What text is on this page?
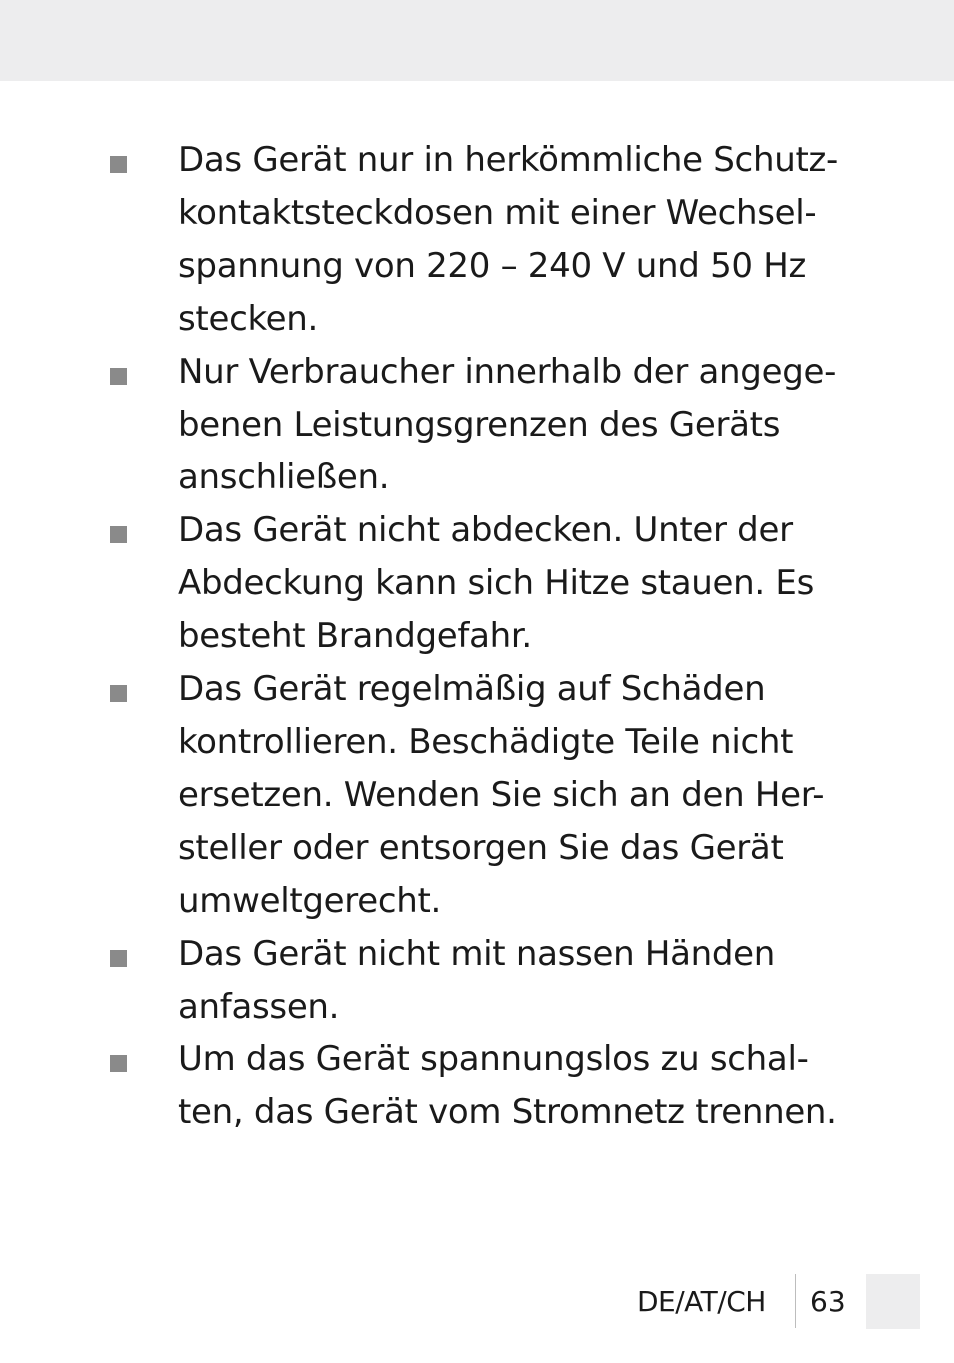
Das Gerät nur in herkömmliche Schutz-
kontaktsteckdosen mit einer Wechsel-
spannung von 220 – 240 V und 50 Hz
stecken.
Nur Verbraucher innerhalb der angege-
benen Leistungsgrenzen des Geräts
anschließen.
Das Gerät nicht abdecken. Unter der
Abdeckung kann sich Hitze stauen. Es
besteht Brandgefahr.
Das Gerät regelmäßig auf Schäden
kontrollieren. Beschädigte Teile nicht
ersetzen. Wenden Sie sich an den Her-
steller oder entsorgen Sie das Gerät
umweltgerecht.
Das Gerät nicht mit nassen Händen
anfassen.
Um das Gerät spannungslos zu schal-
ten, das Gerät vom Stromnetz trennen.
DE/AT/CH 63
